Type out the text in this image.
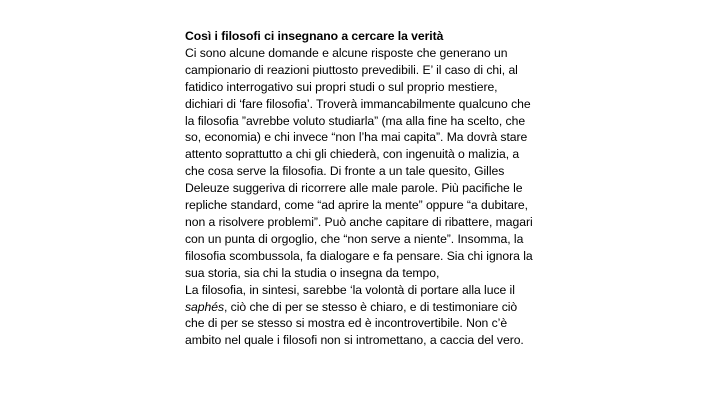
Così i filosofi ci insegnano a cercare la verità

Ci sono alcune domande e alcune risposte che generano un campionario di reazioni piuttosto prevedibili. E’ il caso di chi, al fatidico interrogativo sui propri studi o sul proprio mestiere, dichiari di ‘fare filosofia’. Troverà immancabilmente qualcuno che la filosofia ”avrebbe voluto studiarla” (ma alla fine ha scelto, che so, economia) e chi invece “non l’ha mai capita”. Ma dovrà stare attento soprattutto a chi gli chiederà, con ingenuità o malizia, a che cosa serve la filosofia. Di fronte a un tale quesito, Gilles Deleuze suggeriva di ricorrere alle male parole. Più pacifiche le repliche standard, come “ad aprire la mente” oppure “a dubitare, non a risolvere problemi”. Può anche capitare di ribattere, magari con un punta di orgoglio, che “non serve a niente”. Insomma, la filosofia scombussola, fa dialogare e fa pensare. Sia chi ignora la sua storia, sia chi la studia o insegna da tempo,

La filosofia, in sintesi, sarebbe ‘la volontà di portare alla luce il saphés, ciò che di per se stesso è chiaro, e di testimoniare ciò che di per se stesso si mostra ed è incontrovertibile. Non c’è ambito nel quale i filosofi non si intromettano, a caccia del vero.
